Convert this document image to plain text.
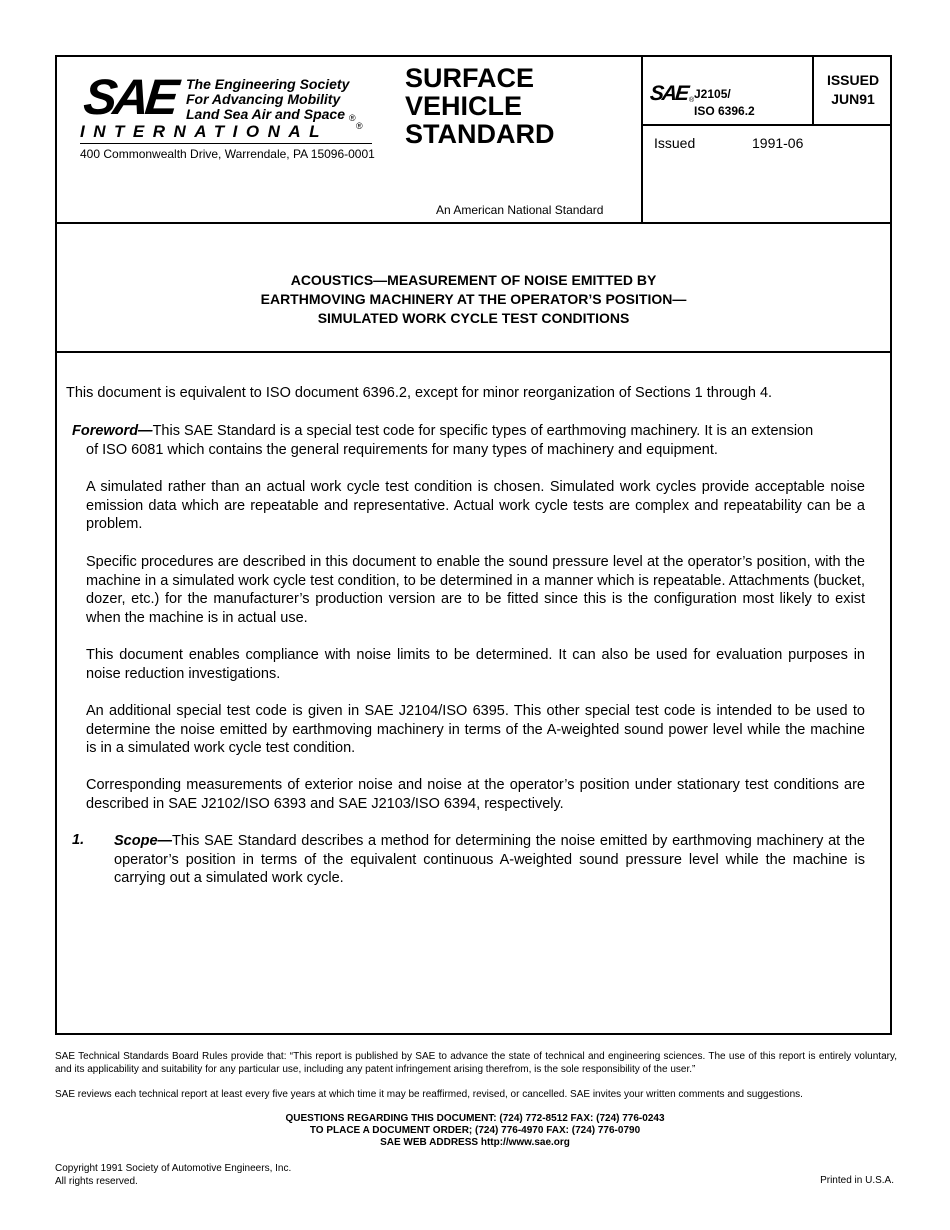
SAE The Engineering Society
For Advancing Mobility
Land Sea Air and Space ®
INTERNATIONAL	®
400 Commonwealth Drive, Warrendale, PA 15096-0001
SURFACE
VEHICLE
STANDARD
An American National Standard
SAE ® J2105/
ISO 6396.2
ISSUED
JUN91
Issued	1991-06
ACOUSTICS—MEASUREMENT OF NOISE EMITTED BY
EARTHMOVING MACHINERY AT THE OPERATOR’S POSITION—
SIMULATED WORK CYCLE TEST CONDITIONS
This document is equivalent to ISO document 6396.2, except for minor reorganization of Sections 1 through 4.
Foreword—This SAE Standard is a special test code for specific types of earthmoving machinery. It is an extension
of ISO 6081 which contains the general requirements for many types of machinery and equipment.
A simulated rather than an actual work cycle test condition is chosen. Simulated work cycles provide acceptable noise emission data which are repeatable and representative. Actual work cycle tests are complex and repeatability can be a problem.
Specific procedures are described in this document to enable the sound pressure level at the operator’s position, with the machine in a simulated work cycle test condition, to be determined in a manner which is repeatable. Attachments (bucket, dozer, etc.) for the manufacturer’s production version are to be fitted since this is the configuration most likely to exist when the machine is in actual use.
This document enables compliance with noise limits to be determined. It can also be used for evaluation purposes in noise reduction investigations.
An additional special test code is given in SAE J2104/ISO 6395. This other special test code is intended to be used to determine the noise emitted by earthmoving machinery in terms of the A-weighted sound power level while the machine is in a simulated work cycle test condition.
Corresponding measurements of exterior noise and noise at the operator’s position under stationary test conditions are described in SAE J2102/ISO 6393 and SAE J2103/ISO 6394, respectively.
1. Scope—This SAE Standard describes a method for determining the noise emitted by earthmoving machinery at the operator’s position in terms of the equivalent continuous A-weighted sound pressure level while the machine is carrying out a simulated work cycle.
SAE Technical Standards Board Rules provide that: “This report is published by SAE to advance the state of technical and engineering sciences. The use of this report is entirely voluntary, and its applicability and suitability for any particular use, including any patent infringement arising therefrom, is the sole responsibility of the user.”
SAE reviews each technical report at least every five years at which time it may be reaffirmed, revised, or cancelled. SAE invites your written comments and suggestions.
QUESTIONS REGARDING THIS DOCUMENT: (724) 772-8512 FAX: (724) 776-0243
TO PLACE A DOCUMENT ORDER; (724) 776-4970 FAX: (724) 776-0790
SAE WEB ADDRESS http://www.sae.org
Copyright 1991 Society of Automotive Engineers, Inc.
All rights reserved.	Printed in U.S.A.
